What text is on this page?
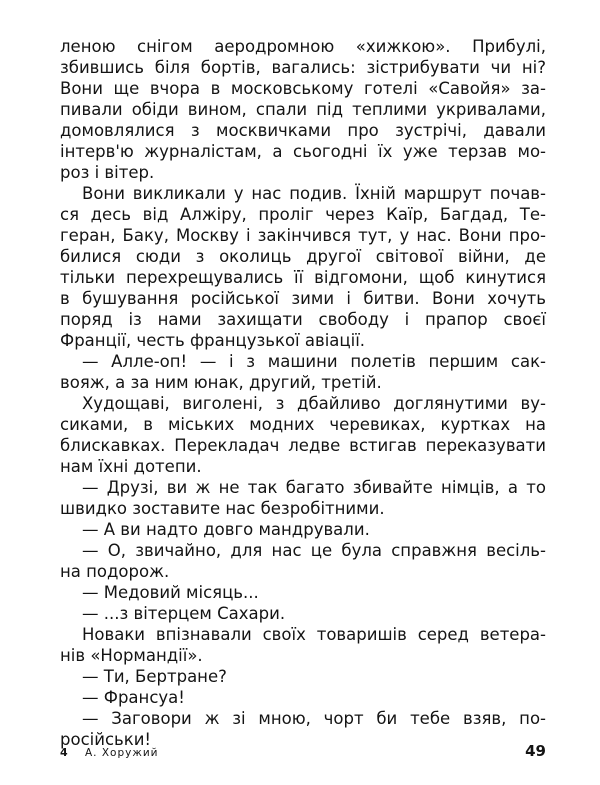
леною снігом аеродромною «хижкою». Прибулі,

збившись біля бортів, вагались: зістрибувати чи ні?

Вони ще вчора в московському готелі «Савойя» за-

пивали обіди вином, спали під теплими укривалами,

домовлялися з москвичками про зустрічі, давали

інтерв'ю журналістам, а сьогодні їх уже терзав мо-

роз і вітер.

Вони викликали у нас подив. Їхній маршрут почав-

ся десь від Алжіру, проліг через Каїр, Багдад, Те-

геран, Баку, Москву і закінчився тут, у нас. Вони про-

билися сюди з околиць другої світової війни, де

тільки перехрещувались її відгомони, щоб кинутися

в бушування російської зими і битви. Вони хочуть

поряд із нами захищати свободу і прапор своєї

Франції, честь французької авіації.

— Алле-оп! — і з машини полетів першим сак-

вояж, а за ним юнак, другий, третій.

Худощаві, виголені, з дбайливо доглянутими ву-

сиками, в міських модних черевиках, куртках на

блискавках. Перекладач ледве встигав переказувати

нам їхні дотепи.

— Друзі, ви ж не так багато збивайте німців, а то

швидко зоставите нас безробітними.

— А ви надто довго мандрували.

— О, звичайно, для нас це була справжня весіль-

на подорож.

— Медовий місяць...

— ...з вітерцем Сахари.

Новаки впізнавали своїх товаришів серед ветера-

нів «Нормандії».

— Ти, Бертране?

— Франсуа!

— Заговори ж зі мною, чорт би тебе взяв, по-

російськи!

4 А. Хоружий	49
